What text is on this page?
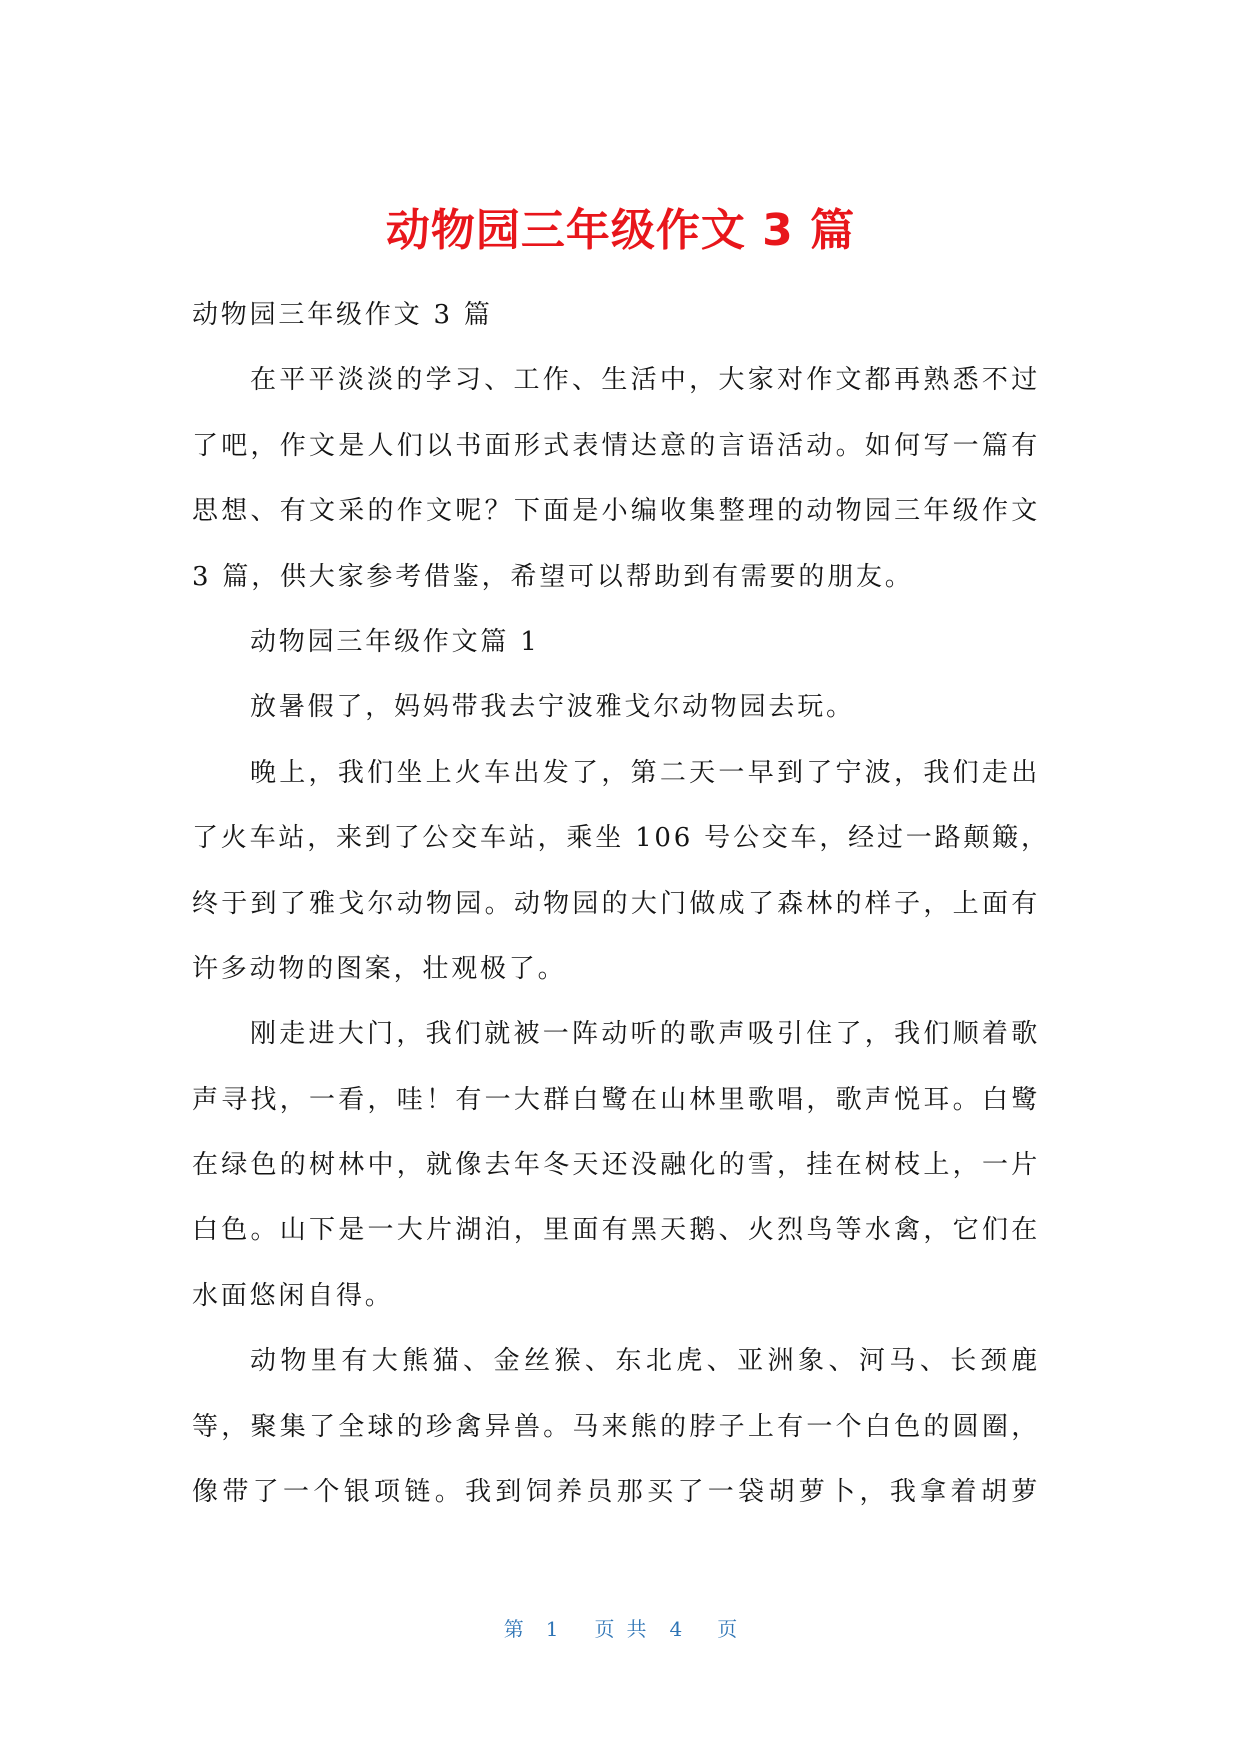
动物园三年级作文 3 篇
动物园三年级作文 3 篇
在平平淡淡的学习、工作、生活中，大家对作文都再熟悉不过
了吧，作文是人们以书面形式表情达意的言语活动。如何写一篇有
思想、有文采的作文呢？下面是小编收集整理的动物园三年级作文
3 篇，供大家参考借鉴，希望可以帮助到有需要的朋友。
动物园三年级作文篇 1
放暑假了，妈妈带我去宁波雅戈尔动物园去玩。
晚上，我们坐上火车出发了，第二天一早到了宁波，我们走出
了火车站，来到了公交车站，乘坐 106 号公交车，经过一路颠簸，
终于到了雅戈尔动物园。动物园的大门做成了森林的样子，上面有
许多动物的图案，壮观极了。
刚走进大门，我们就被一阵动听的歌声吸引住了，我们顺着歌
声寻找，一看，哇！有一大群白鹭在山林里歌唱，歌声悦耳。白鹭
在绿色的树林中，就像去年冬天还没融化的雪，挂在树枝上，一片
白色。山下是一大片湖泊，里面有黑天鹅、火烈鸟等水禽，它们在
水面悠闲自得。
动物里有大熊猫、金丝猴、东北虎、亚洲象、河马、长颈鹿
等，聚集了全球的珍禽异兽。马来熊的脖子上有一个白色的圆圈，
像带了一个银项链。我到饲养员那买了一袋胡萝卜，我拿着胡萝
第 1 页 共 4 页
